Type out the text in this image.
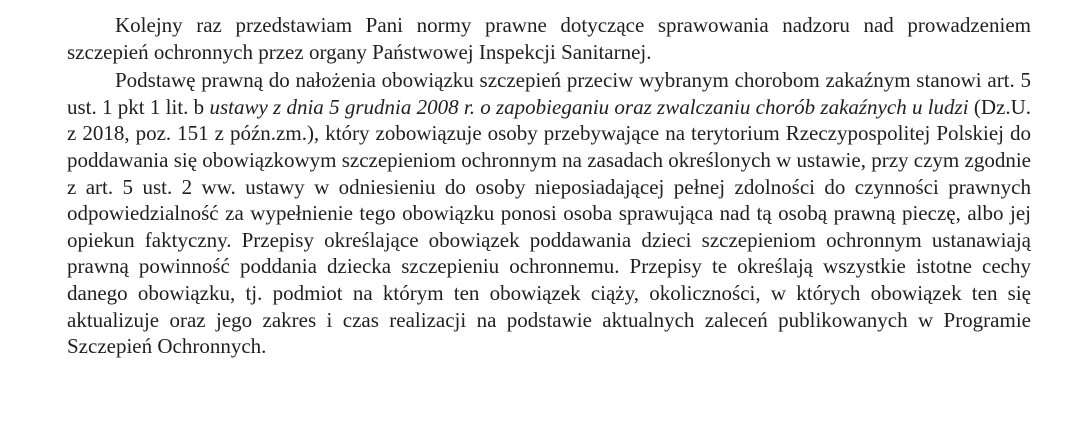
Kolejny raz przedstawiam Pani normy prawne dotyczące sprawowania nadzoru nad prowadzeniem szczepień ochronnych przez organy Państwowej Inspekcji Sanitarnej.

Podstawę prawną do nałożenia obowiązku szczepień przeciw wybranym chorobom zakaźnym stanowi art. 5 ust. 1 pkt 1 lit. b ustawy z dnia 5 grudnia 2008 r. o zapobieganiu oraz zwalczaniu chorób zakaźnych u ludzi (Dz.U. z 2018, poz. 151 z późn.zm.), który zobowiązuje osoby przebywające na terytorium Rzeczypospolitej Polskiej do poddawania się obowiązkowym szczepieniom ochronnym na zasadach określonych w ustawie, przy czym zgodnie z art. 5 ust. 2 ww. ustawy w odniesieniu do osoby nieposiadającej pełnej zdolności do czynności prawnych odpowiedzialność za wypełnienie tego obowiązku ponosi osoba sprawująca nad tą osobą prawną pieczę, albo jej opiekun faktyczny. Przepisy określające obowiązek poddawania dzieci szczepieniom ochronnym ustanawiają prawną powinność poddania dziecka szczepieniu ochronnemu. Przepisy te określają wszystkie istotne cechy danego obowiązku, tj. podmiot na którym ten obowiązek ciąży, okoliczności, w których obowiązek ten się aktualizuje oraz jego zakres i czas realizacji na podstawie aktualnych zaleceń publikowanych w Programie Szczepień Ochronnych.
